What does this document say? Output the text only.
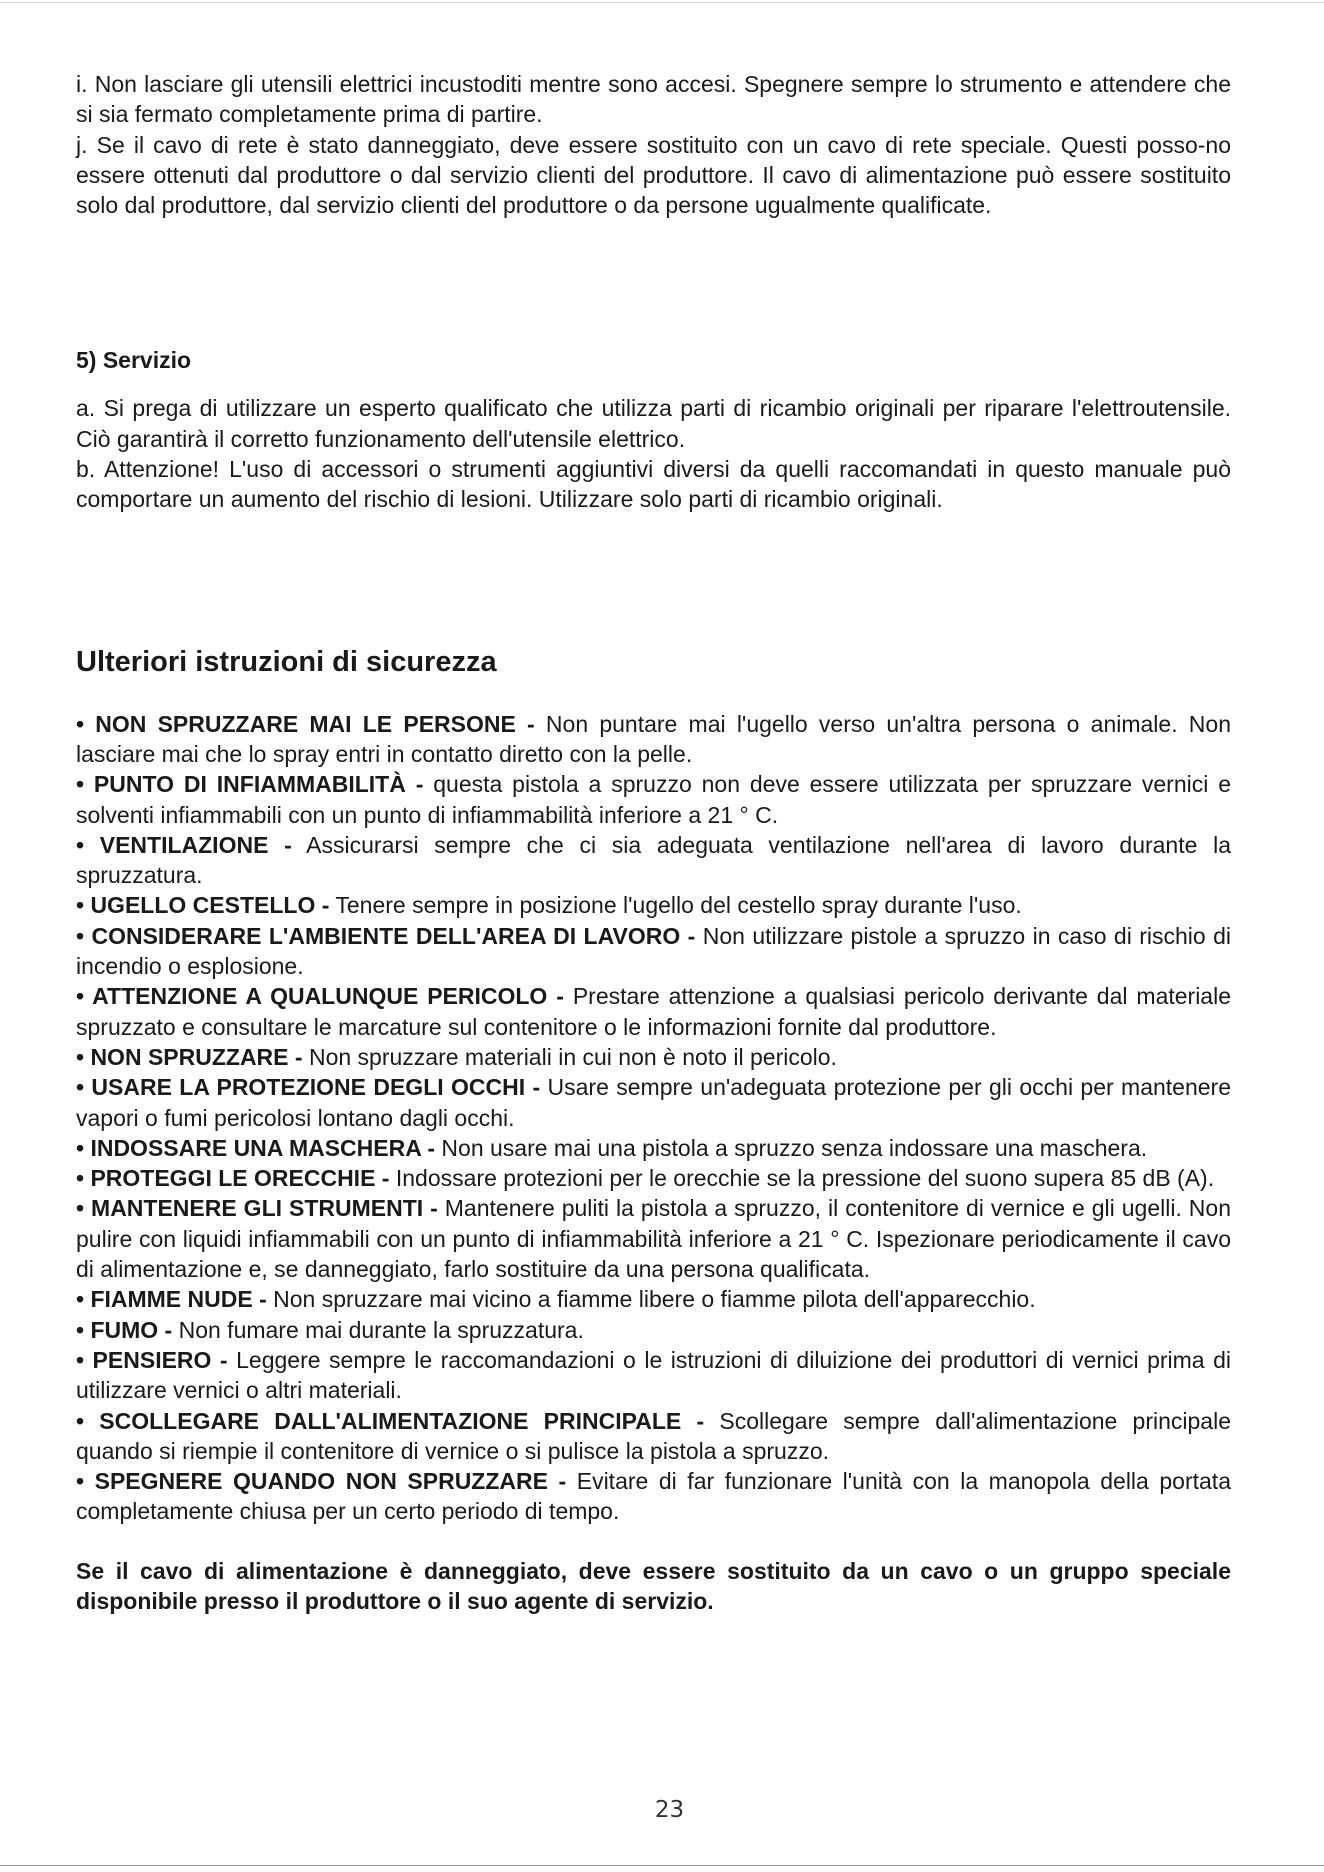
i. Non lasciare gli utensili elettrici incustoditi mentre sono accesi. Spegnere sempre lo strumento e attendere che si sia fermato completamente prima di partire.

j. Se il cavo di rete è stato danneggiato, deve essere sostituito con un cavo di rete speciale. Questi posso-no essere ottenuti dal produttore o dal servizio clienti del produttore. Il cavo di alimentazione può essere sostituito solo dal produttore, dal servizio clienti del produttore o da persone ugualmente qualificate.

5) Servizio

a. Si prega di utilizzare un esperto qualificato che utilizza parti di ricambio originali per riparare l'elettroutensile. Ciò garantirà il corretto funzionamento dell'utensile elettrico.

b. Attenzione! L'uso di accessori o strumenti aggiuntivi diversi da quelli raccomandati in questo manuale può comportare un aumento del rischio di lesioni. Utilizzare solo parti di ricambio originali.

Ulteriori istruzioni di sicurezza

• NON SPRUZZARE MAI LE PERSONE - Non puntare mai l'ugello verso un'altra persona o animale. Non lasciare mai che lo spray entri in contatto diretto con la pelle.

• PUNTO DI INFIAMMABILITÀ - questa pistola a spruzzo non deve essere utilizzata per spruzzare vernici e solventi infiammabili con un punto di infiammabilità inferiore a 21 ° C.

• VENTILAZIONE - Assicurarsi sempre che ci sia adeguata ventilazione nell'area di lavoro durante la spruzzatura.

• UGELLO CESTELLO - Tenere sempre in posizione l'ugello del cestello spray durante l'uso.

• CONSIDERARE L'AMBIENTE DELL'AREA DI LAVORO - Non utilizzare pistole a spruzzo in caso di rischio di incendio o esplosione.

• ATTENZIONE A QUALUNQUE PERICOLO - Prestare attenzione a qualsiasi pericolo derivante dal materiale spruzzato e consultare le marcature sul contenitore o le informazioni fornite dal produttore.

• NON SPRUZZARE - Non spruzzare materiali in cui non è noto il pericolo.

• USARE LA PROTEZIONE DEGLI OCCHI - Usare sempre un'adeguata protezione per gli occhi per mantenere vapori o fumi pericolosi lontano dagli occhi.

• INDOSSARE UNA MASCHERA - Non usare mai una pistola a spruzzo senza indossare una maschera.

• PROTEGGI LE ORECCHIE - Indossare protezioni per le orecchie se la pressione del suono supera 85 dB (A).

• MANTENERE GLI STRUMENTI - Mantenere puliti la pistola a spruzzo, il contenitore di vernice e gli ugelli. Non pulire con liquidi infiammabili con un punto di infiammabilità inferiore a 21 ° C. Ispezionare periodicamente il cavo di alimentazione e, se danneggiato, farlo sostituire da una persona qualificata.

• FIAMME NUDE - Non spruzzare mai vicino a fiamme libere o fiamme pilota dell'apparecchio.

• FUMO - Non fumare mai durante la spruzzatura.

• PENSIERO - Leggere sempre le raccomandazioni o le istruzioni di diluizione dei produttori di vernici prima di utilizzare vernici o altri materiali.

• SCOLLEGARE DALL'ALIMENTAZIONE PRINCIPALE - Scollegare sempre dall'alimentazione principale quando si riempie il contenitore di vernice o si pulisce la pistola a spruzzo.

• SPEGNERE QUANDO NON SPRUZZARE - Evitare di far funzionare l'unità con la manopola della portata completamente chiusa per un certo periodo di tempo.

Se il cavo di alimentazione è danneggiato, deve essere sostituito da un cavo o un gruppo speciale disponibile presso il produttore o il suo agente di servizio.

23
